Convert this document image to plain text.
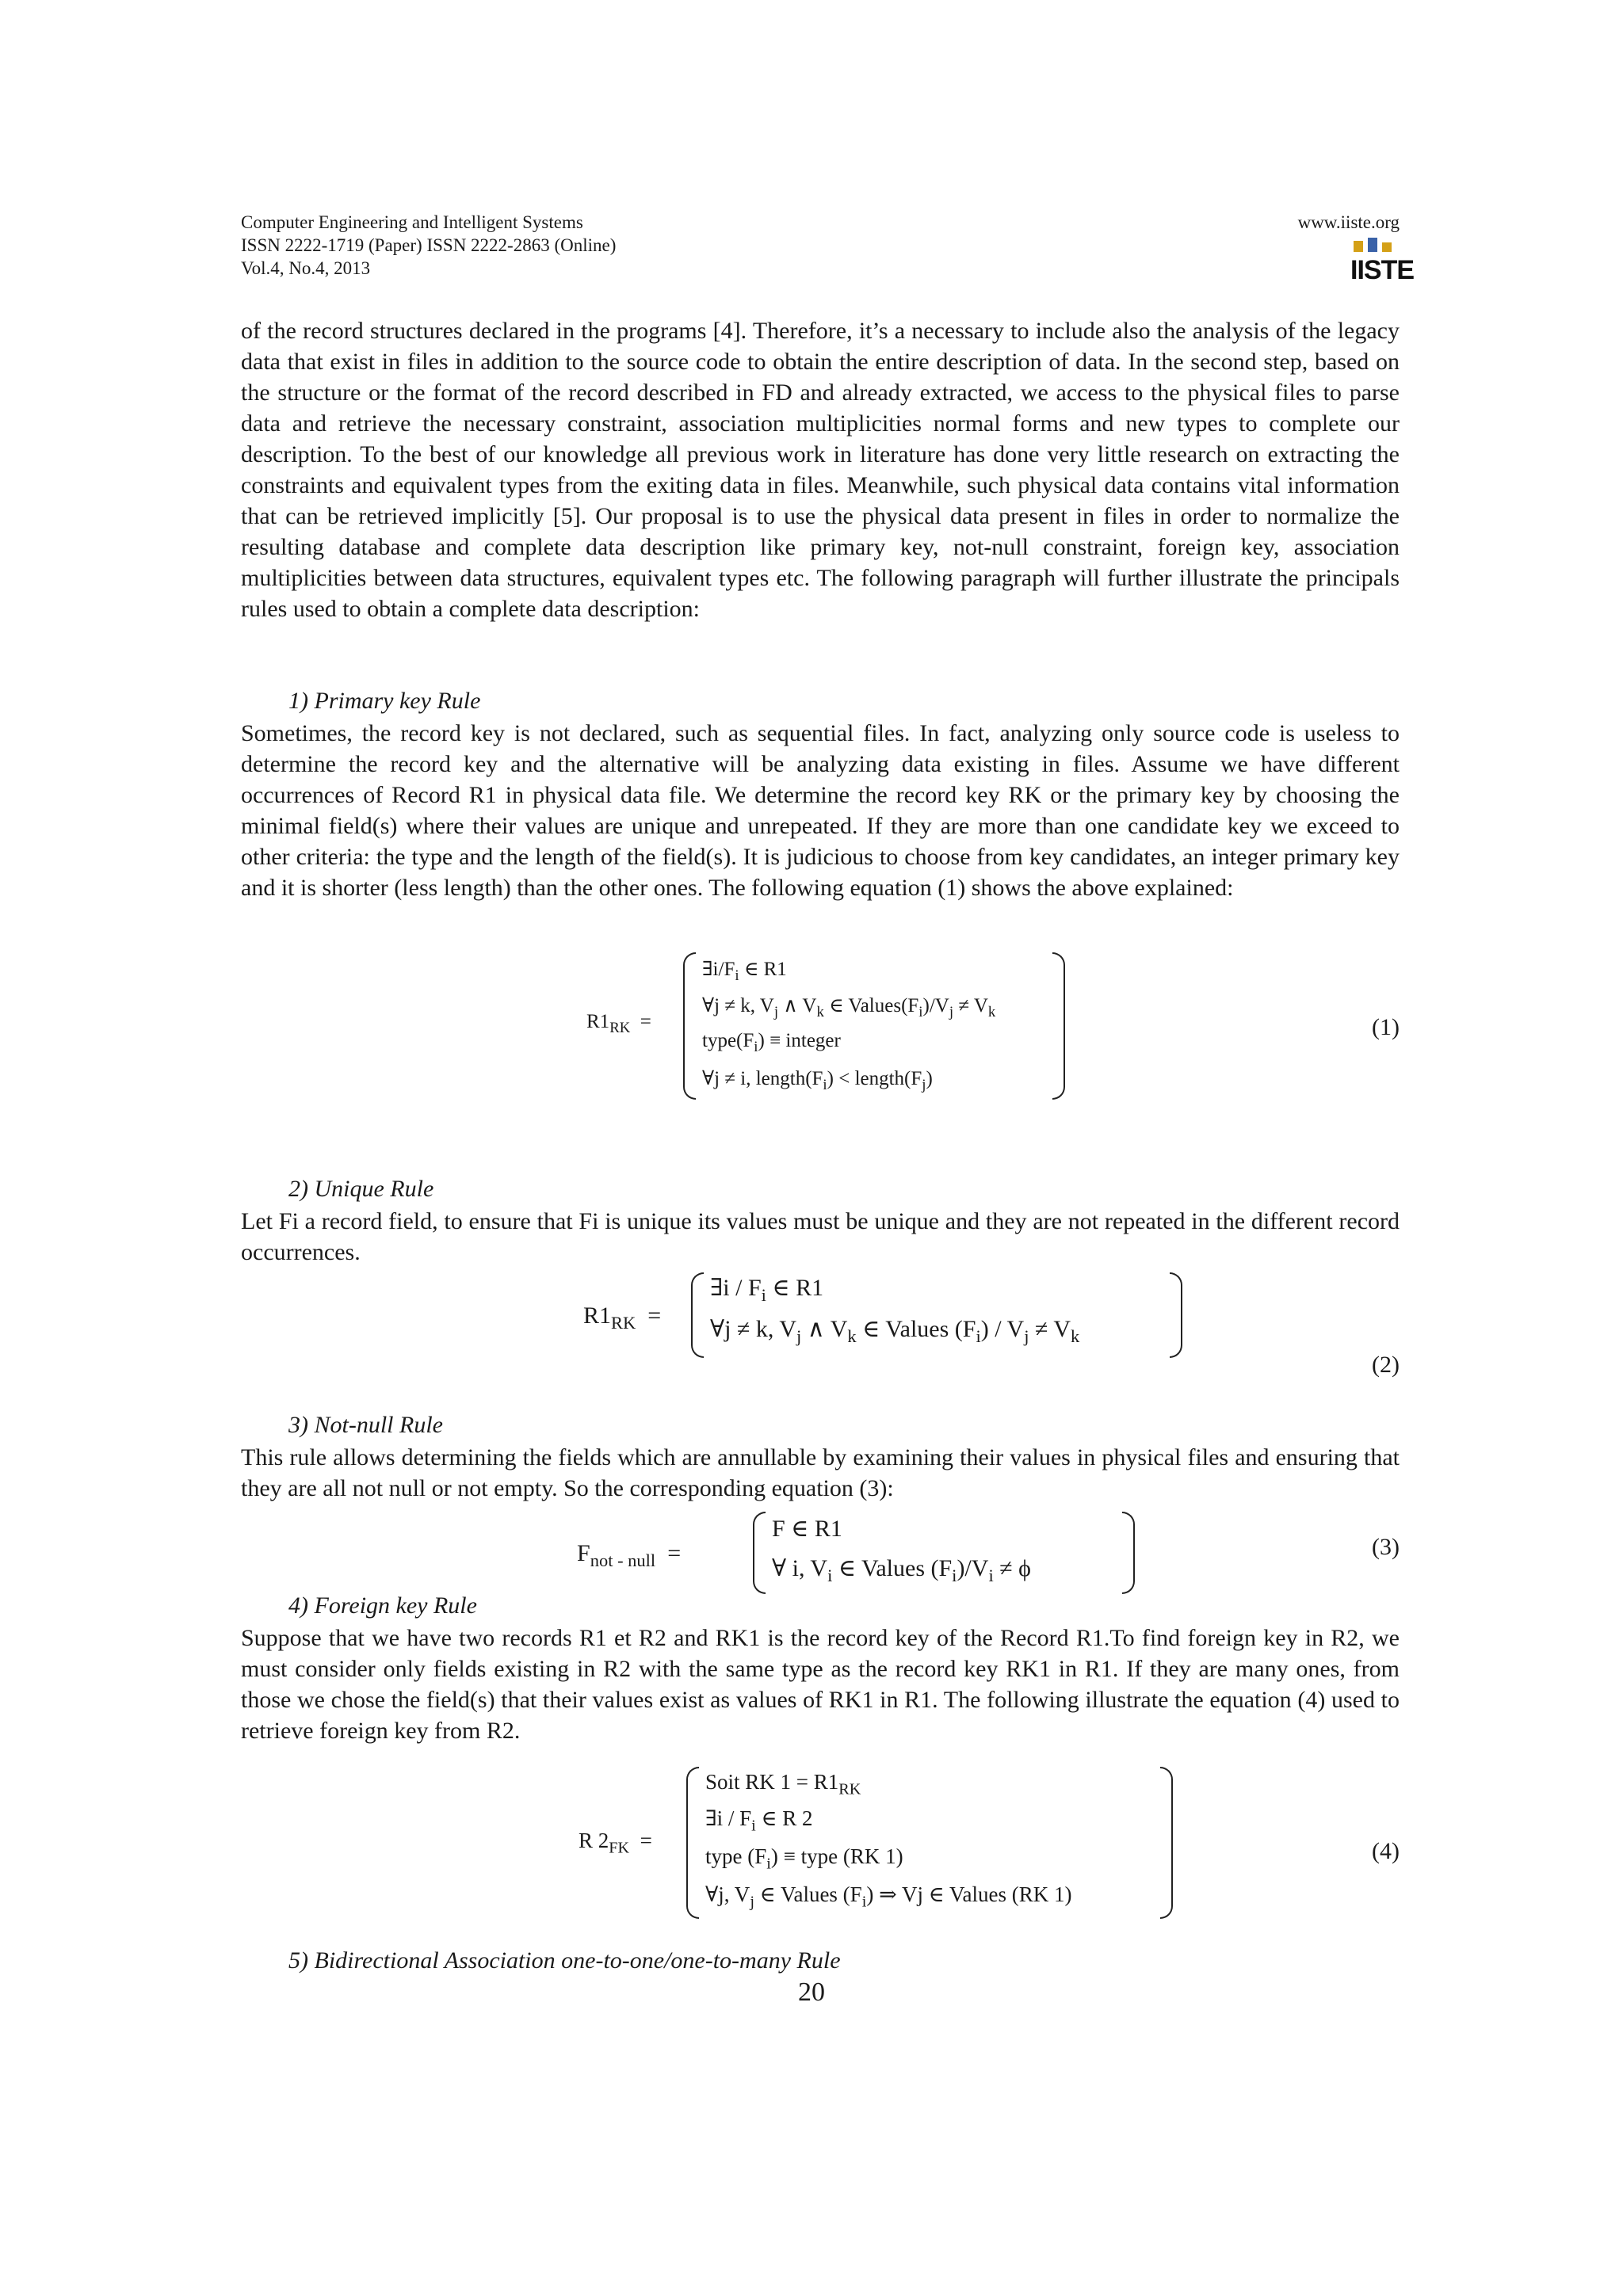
Computer Engineering and Intelligent Systems
ISSN 2222-1719 (Paper) ISSN 2222-2863 (Online)
Vol.4, No.4, 2013
www.iiste.org
IISTE

of the record structures declared in the programs [4]. Therefore, it’s a necessary to include also the analysis of the legacy data that exist in files in addition to the source code to obtain the entire description of data. In the second step, based on the structure or the format of the record described in FD and already extracted, we access to the physical files to parse data and retrieve the necessary constraint, association multiplicities normal forms and new types to complete our description. To the best of our knowledge all previous work in literature has done very little research on extracting the constraints and equivalent types from the exiting data in files. Meanwhile, such physical data contains vital information that can be retrieved implicitly [5]. Our proposal is to use the physical data present in files in order to normalize the resulting database and complete data description like primary key, not-null constraint, foreign key, association multiplicities between data structures, equivalent types etc. The following paragraph will further illustrate the principals rules used to obtain a complete data description:

1) Primary key Rule

Sometimes, the record key is not declared, such as sequential files. In fact, analyzing only source code is useless to determine the record key and the alternative will be analyzing data existing in files. Assume we have different occurrences of Record R1 in physical data file. We determine the record key RK or the primary key by choosing the minimal field(s) where their values are unique and unrepeated. If they are more than one candidate key we exceed to other criteria: the type and the length of the field(s). It is judicious to choose from key candidates, an integer primary key and it is shorter (less length) than the other ones. The following equation (1) shows the above explained:

$R1_{RK}$  =
$\exists i/F_i$ ∈ R1
∀j ≠ k, $V_j$ ∧ $V_k$ ∈ $Values(F_i)/V_j \ne V_k$
$type(F_i)$ ≡ integer
∀j ≠ i, $length(F_i)$ < $length(F_j)$
(1)
2) Unique Rule

Let Fi a record field, to ensure that Fi is unique its values must be unique and they are not repeated in the different record occurrences.

$R1_{RK}$  =
∃i / $F_i$ ∈ R1
∀j ≠ k, $V_j$ ∧ $V_k$ ∈ Values $(F_i) / V_j \ne V_k$
(2)
3) Not-null Rule

This rule allows determining the fields which are annullable by examining their values in physical files and ensuring that they are all not null or not empty. So the corresponding equation (3):

$F_{not - null}$  =
F ∈ R1
∀ i, $V_i$ ∈ Values $(F_i)/V_i \ne \phi$
(3)
4) Foreign key Rule

Suppose that we have two records R1 et R2 and RK1 is the record key of the Record R1.To find foreign key in R2, we must consider only fields existing in R2 with the same type as the record key RK1 in R1. If they are many ones, from those we chose the field(s) that their values exist as values of RK1 in R1. The following illustrate the equation (4) used to retrieve foreign key from R2.

R $2_{FK}$  =
Soit RK $1 = R1_{RK}$
∃i / $F_i$ ∈ R 2
type $(F_i)$ ≡ type (RK 1)
∀j, $V_j$ ∈ Values $(F_i)$ ⇒ Vj ∈ Values (RK 1)
(4)
5) Bidirectional Association one-to-one/one-to-many Rule
20
